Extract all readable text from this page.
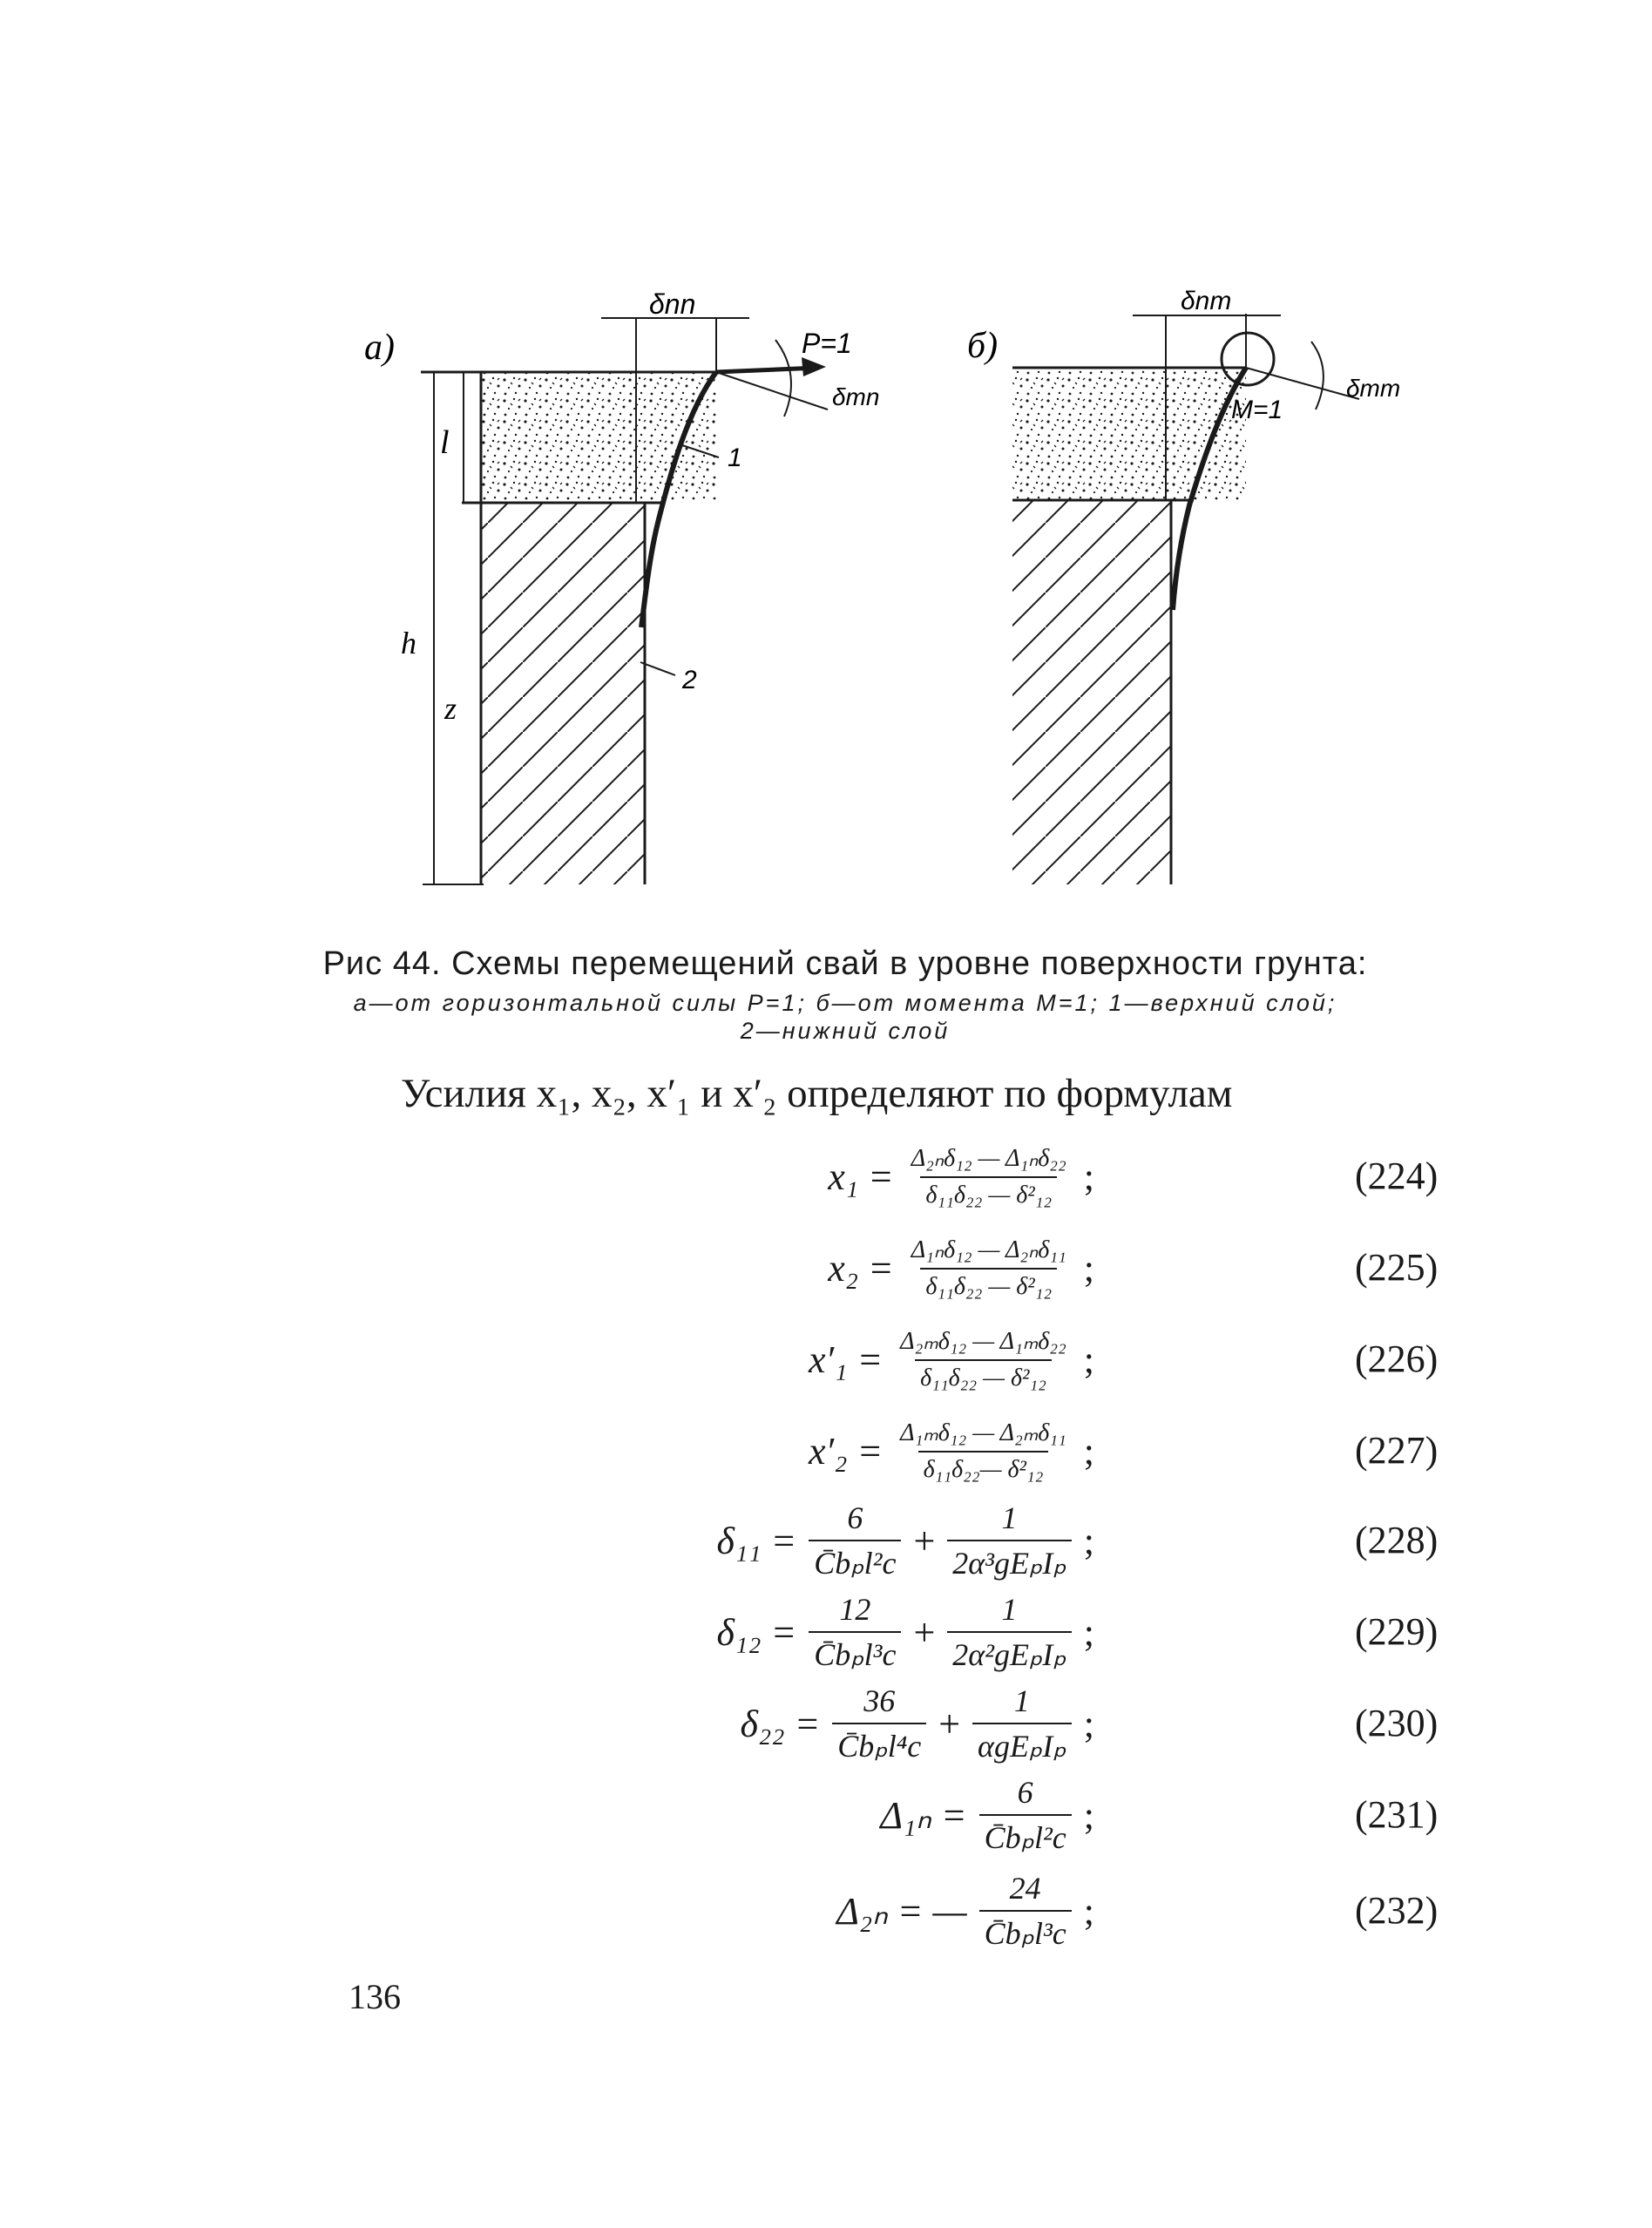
а)
δnn
P=1
δmn
1
2
l
h
z
б)
δnm
M=1
δmm
Рис 44. Схемы перемещений свай в уровне поверхности грунта:
а—от горизонтальной силы P=1; б—от момента M=1; 1—верхний слой;
2—нижний слой
Усилия x₁, x₂, x′₁ и x′₂ определяют по формулам
$x_1 = \frac{\text{Δ₂ₙδ₁₂ — Δ₁ₙδ₂₂}}{\text{δ₁₁δ₂₂ — δ²₁₂}}$ ;	(224)
$x_2 = \frac{\text{Δ₁ₙδ₁₂ — Δ₂ₙδ₁₁}}{\text{δ₁₁δ₂₂ — δ²₁₂}}$ ;	(225)
$x'_1 = \frac{\text{Δ₂ₘδ₁₂ — Δ₁ₘδ₂₂}}{\text{δ₁₁δ₂₂ — δ²₁₂}}$ ;	(226)
$x'_2 = \frac{\text{Δ₁ₘδ₁₂ — Δ₂ₘδ₁₁}}{\text{δ₁₁δ₂₂— δ²₁₂}}$ ;	(227)
$\delta_{11} = \frac{6}{\text{C̄bₚl²c}} + \frac{1}{\text{2α³gEₚIₚ}}$ ;	(228)
$\delta_{12} = \frac{12}{\text{C̄bₚl³c}} + \frac{1}{\text{2α²gEₚIₚ}}$ ;	(229)
$\delta_{22} = \frac{36}{\text{C̄bₚl⁴c}} + \frac{1}{\text{αgEₚIₚ}}$ ;	(230)
$\Delta_{1n} = \frac{6}{\text{C̄bₚl²c}}$ ;	(231)
Δ₂ₙ = — $\frac{24}{\text{C̄bₚl³c}}$ ;	(232)
136
